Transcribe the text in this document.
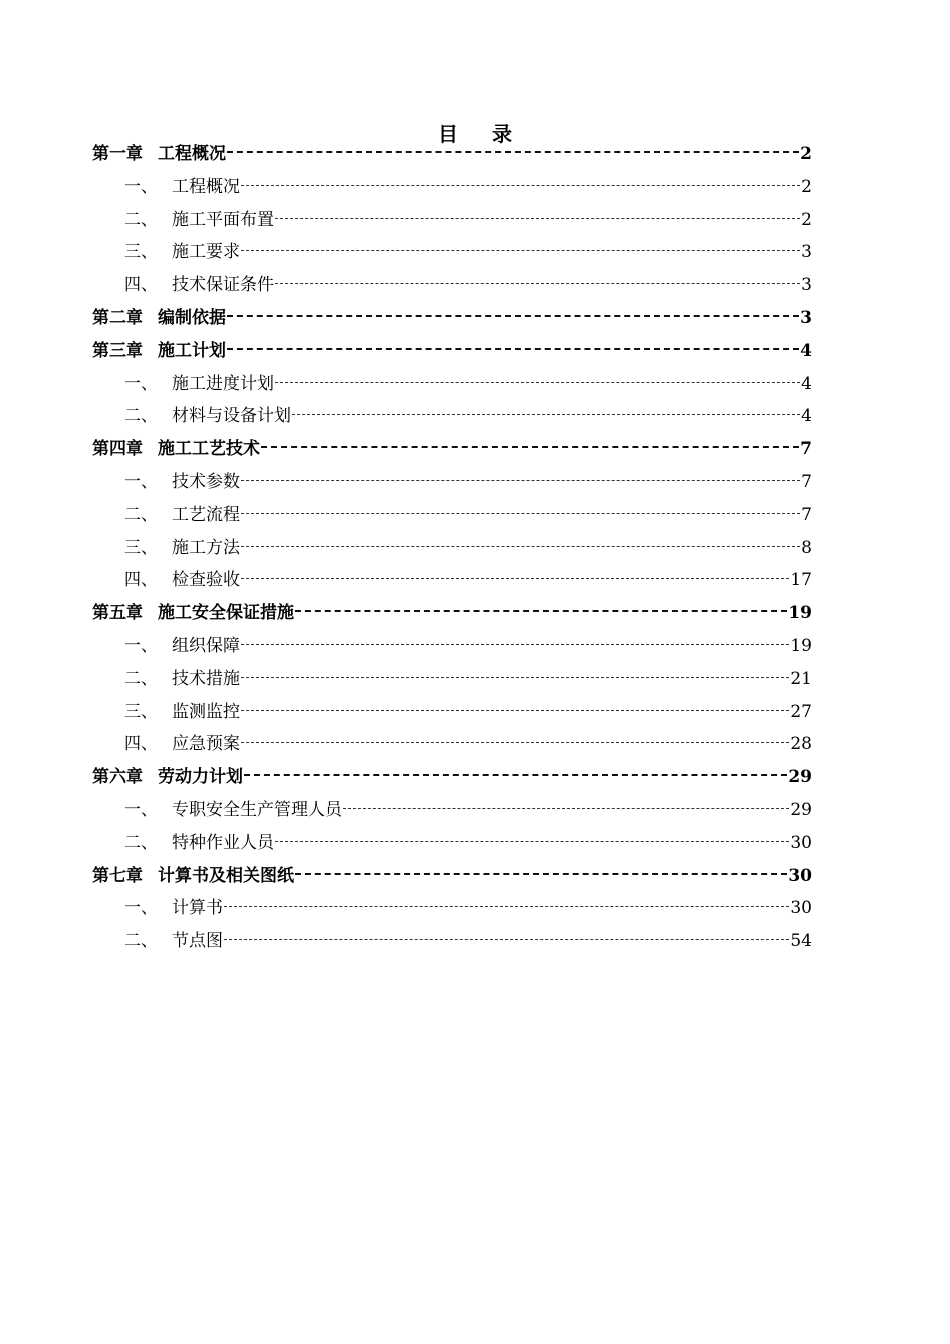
目 录
第一章 工程概况	2
一、 工程概况	2
二、 施工平面布置	2
三、 施工要求	3
四、 技术保证条件	3
第二章 编制依据	3
第三章 施工计划	4
一、 施工进度计划	4
二、 材料与设备计划	4
第四章 施工工艺技术	7
一、 技术参数	7
二、 工艺流程	7
三、 施工方法	8
四、 检查验收	17
第五章 施工安全保证措施	19
一、 组织保障	19
二、 技术措施	21
三、 监测监控	27
四、 应急预案	28
第六章 劳动力计划	29
一、 专职安全生产管理人员	29
二、 特种作业人员	30
第七章 计算书及相关图纸	30
一、 计算书	30
二、 节点图	54
